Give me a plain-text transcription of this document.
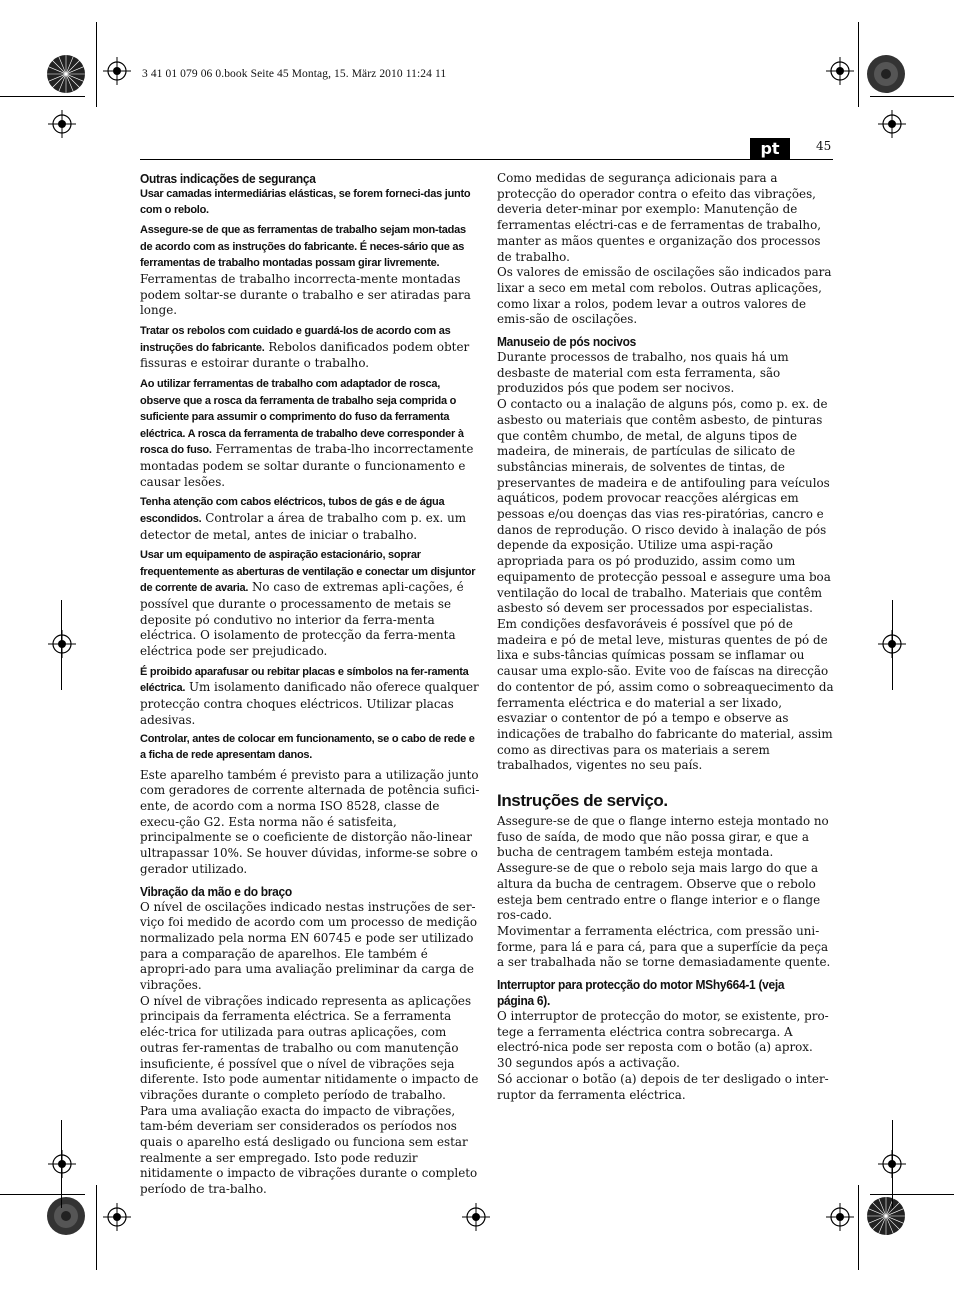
3 41 01 079 06 0.book Seite 45 Montag, 15. März 2010 11:24 11
pt	45
Outras indicações de segurança

Usar camadas intermediárias elásticas, se forem forneci-das junto com o rebolo.

Assegure-se de que as ferramentas de trabalho sejam mon-tadas de acordo com as instruções do fabricante. É neces-sário que as ferramentas de trabalho montadas possam girar livremente. Ferramentas de trabalho incorrecta-mente montadas podem soltar-se durante o trabalho e ser atiradas para longe.

Tratar os rebolos com cuidado e guardá-los de acordo com as instruções do fabricante. Rebolos danificados podem obter fissuras e estoirar durante o trabalho.

Ao utilizar ferramentas de trabalho com adaptador de rosca, observe que a rosca da ferramenta de trabalho seja comprida o suficiente para assumir o comprimento do fuso da ferramenta eléctrica. A rosca da ferramenta de trabalho deve corresponder à rosca do fuso. Ferramentas de traba-lho incorrectamente montadas podem se soltar durante o funcionamento e causar lesões.

Tenha atenção com cabos eléctricos, tubos de gás e de água escondidos. Controlar a área de trabalho com p. ex. um detector de metal, antes de iniciar o trabalho.

Usar um equipamento de aspiração estacionário, soprar frequentemente as aberturas de ventilação e conectar um disjuntor de corrente de avaria. No caso de extremas apli-cações, é possível que durante o processamento de metais se deposite pó condutivo no interior da ferra-menta eléctrica. O isolamento de protecção da ferra-menta eléctrica pode ser prejudicado.

É proibido aparafusar ou rebitar placas e símbolos na fer-ramenta eléctrica. Um isolamento danificado não oferece qualquer protecção contra choques eléctricos. Utilizar placas adesivas.

Controlar, antes de colocar em funcionamento, se o cabo de rede e a ficha de rede apresentam danos.

Este aparelho também é previsto para a utilização junto com geradores de corrente alternada de potência sufici-ente, de acordo com a norma ISO 8528, classe de execu-ção G2. Esta norma não é satisfeita, principalmente se o coeficiente de distorção não-linear ultrapassar 10%. Se houver dúvidas, informe-se sobre o gerador utilizado.

Vibração da mão e do braço

O nível de oscilações indicado nestas instruções de ser-viço foi medido de acordo com um processo de medição normalizado pela norma EN 60745 e pode ser utilizado para a comparação de aparelhos. Ele também é apropri-ado para uma avaliação preliminar da carga de vibrações.

O nível de vibrações indicado representa as aplicações principais da ferramenta eléctrica. Se a ferramenta eléc-trica for utilizada para outras aplicações, com outras fer-ramentas de trabalho ou com manutenção insuficiente, é possível que o nível de vibrações seja diferente. Isto pode aumentar nitidamente o impacto de vibrações durante o completo período de trabalho.

Para uma avaliação exacta do impacto de vibrações, tam-bém deveriam ser considerados os períodos nos quais o aparelho está desligado ou funciona sem estar realmente a ser empregado. Isto pode reduzir nitidamente o impacto de vibrações durante o completo período de tra-balho.

Como medidas de segurança adicionais para a protecção do operador contra o efeito das vibrações, deveria deter-minar por exemplo: Manutenção de ferramentas eléctri-cas e de ferramentas de trabalho, manter as mãos quentes e organização dos processos de trabalho.

Os valores de emissão de oscilações são indicados para lixar a seco em metal com rebolos. Outras aplicações, como lixar a rolos, podem levar a outros valores de emis-são de oscilações.

Manuseio de pós nocivos

Durante processos de trabalho, nos quais há um desbaste de material com esta ferramenta, são produzidos pós que podem ser nocivos.

O contacto ou a inalação de alguns pós, como p. ex. de asbesto ou materiais que contêm asbesto, de pinturas que contêm chumbo, de metal, de alguns tipos de madeira, de minerais, de partículas de silicato de substâncias minerais, de solventes de tintas, de preservantes de madeira e de antifouling para veículos aquáticos, podem provocar reacções alérgicas em pessoas e/ou doenças das vias res-piratórias, cancro e danos de reprodução. O risco devido à inalação de pós depende da exposição. Utilize uma aspi-ração apropriada para os pó produzido, assim como um equipamento de protecção pessoal e assegure uma boa ventilação do local de trabalho. Materiais que contêm asbesto só devem ser processados por especialistas.

Em condições desfavoráveis é possível que pó de madeira e pó de metal leve, misturas quentes de pó de lixa e subs-tâncias químicas possam se inflamar ou causar uma explo-são. Evite voo de faíscas na direcção do contentor de pó, assim como o sobreaquecimento da ferramenta eléctrica e do material a ser lixado, esvaziar o contentor de pó a tempo e observe as indicações de trabalho do fabricante do material, assim como as directivas para os materiais a serem trabalhados, vigentes no seu país.

Instruções de serviço.

Assegure-se de que o flange interno esteja montado no fuso de saída, de modo que não possa girar, e que a bucha de centragem também esteja montada.

Assegure-se de que o rebolo seja mais largo do que a altura da bucha de centragem. Observe que o rebolo esteja bem centrado entre o flange interior e o flange ros-cado.

Movimentar a ferramenta eléctrica, com pressão uni-forme, para lá e para cá, para que a superfície da peça a ser trabalhada não se torne demasiadamente quente.

Interruptor para protecção do motor MShy664-1 (veja página 6).

O interruptor de protecção do motor, se existente, pro-tege a ferramenta eléctrica contra sobrecarga. A electró-nica pode ser reposta com o botão (a) aprox.

30 segundos após a activação.

Só accionar o botão (a) depois de ter desligado o inter-ruptor da ferramenta eléctrica.
